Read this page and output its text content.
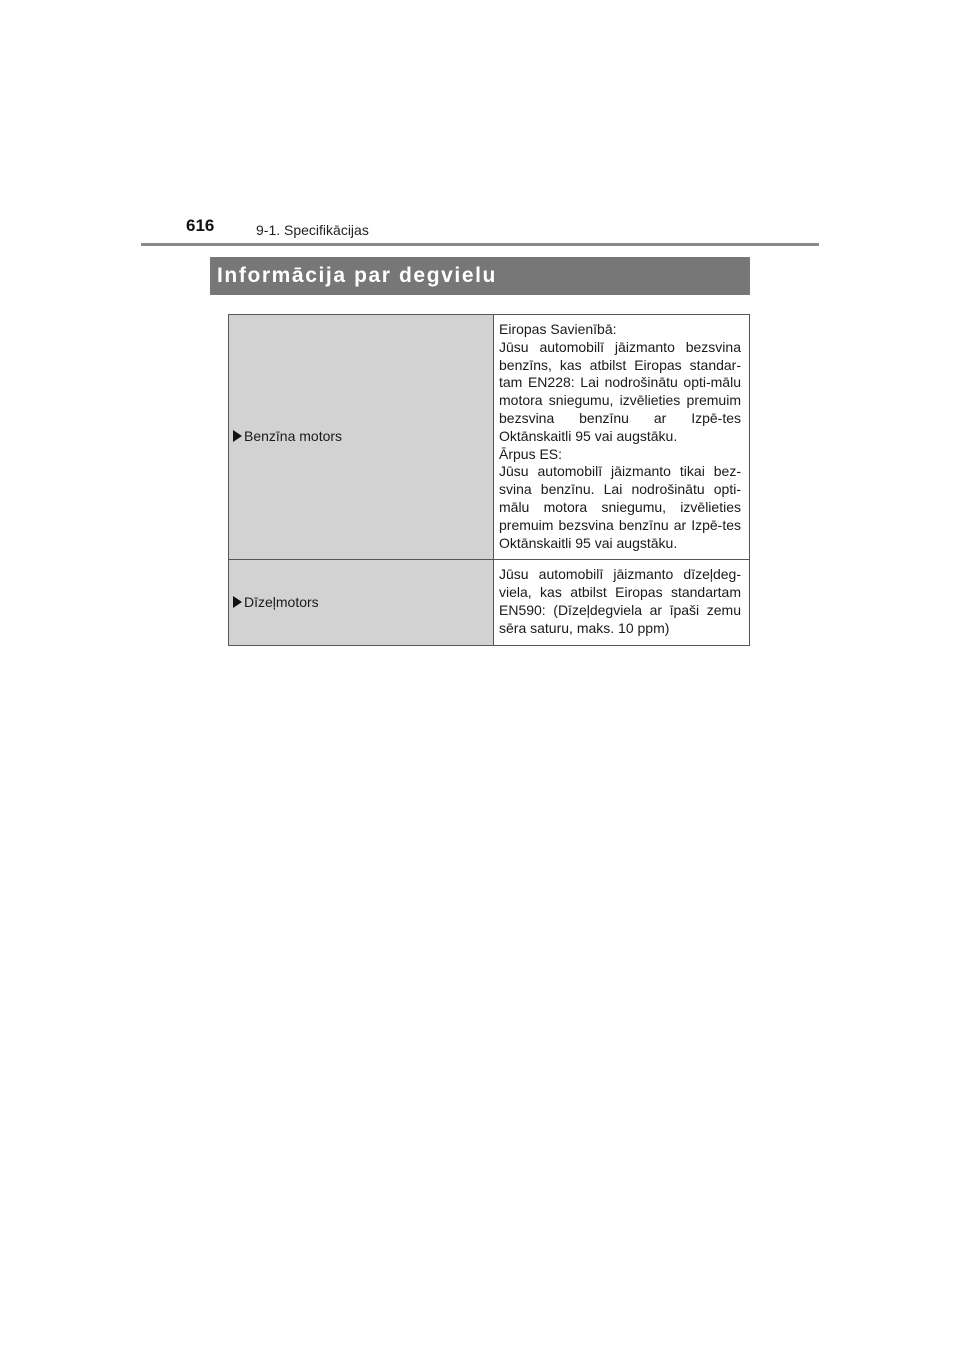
616	9-1. Specifikācijas
Informācija par degvielu
Benzīna motors	Eiropas Savienībā:

Jūsu automobilī jāizmanto bezsvina benzīns, kas atbilst Eiropas standar-tam EN228: Lai nodrošinātu opti-mālu motora sniegumu, izvēlieties premuim bezsvina benzīnu ar Izpē-tes Oktānskaitli 95 vai augstāku.

Ārpus ES:

Jūsu automobilī jāizmanto tikai bez-svina benzīnu. Lai nodrošinātu opti-mālu motora sniegumu, izvēlieties premuim bezsvina benzīnu ar Izpē-tes Oktānskaitli 95 vai augstāku.

Dīzeļmotors	Jūsu automobilī jāizmanto dīzeļdeg-viela, kas atbilst Eiropas standartam EN590: (Dīzeļdegviela ar īpaši zemu sēra saturu, maks. 10 ppm)
